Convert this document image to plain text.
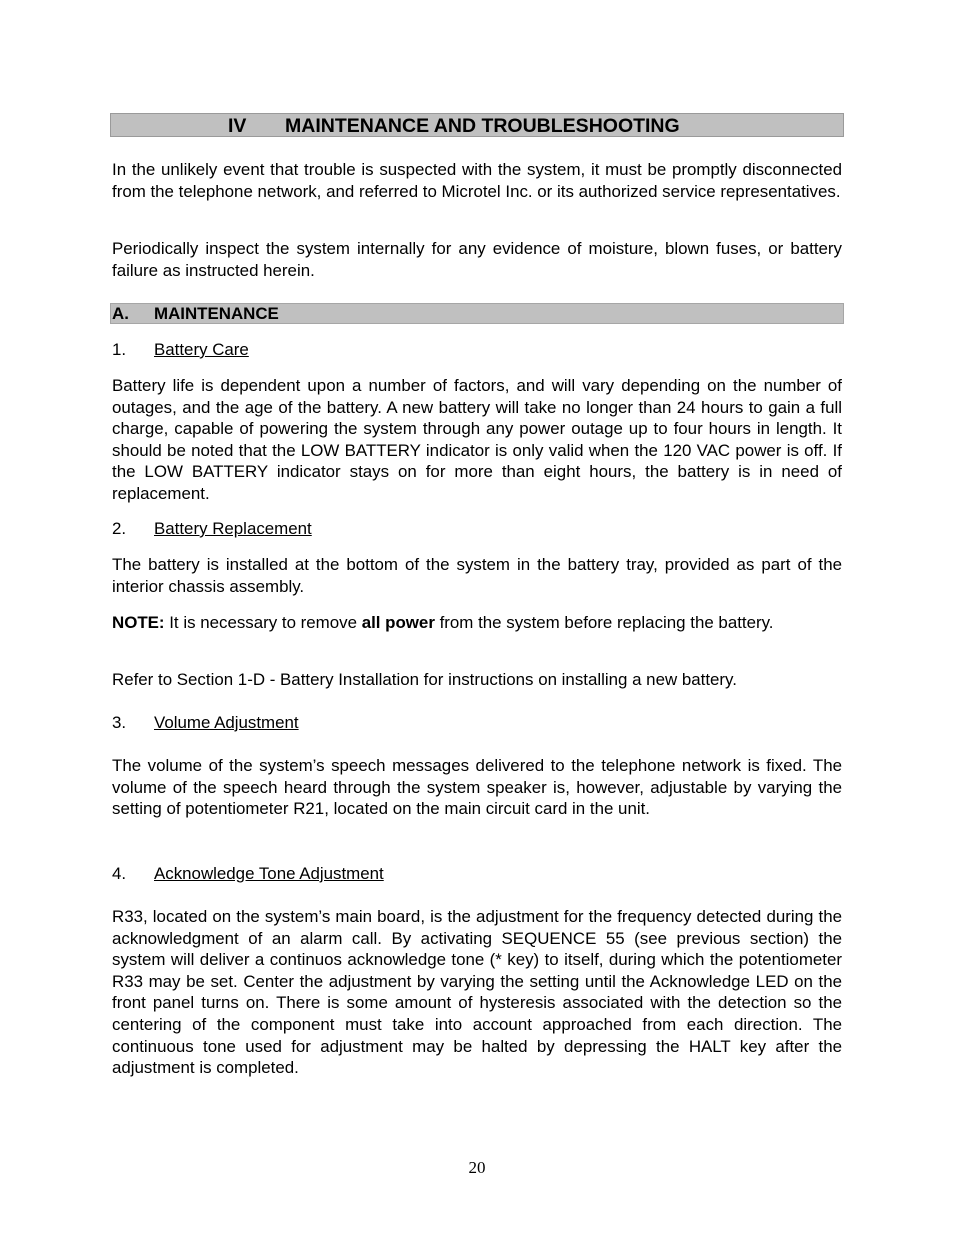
IV MAINTENANCE AND TROUBLESHOOTING

In the unlikely event that trouble is suspected with the system, it must be promptly disconnected from the telephone network, and referred to Microtel Inc. or its authorized service representatives.

Periodically inspect the system internally for any evidence of moisture, blown fuses, or battery failure as instructed herein.

A. MAINTENANCE
1. Battery Care

Battery life is dependent upon a number of factors, and will vary depending on the number of outages, and the age of the battery. A new battery will take no longer than 24 hours to gain a full charge, capable of powering the system through any power outage up to four hours in length. It should be noted that the LOW BATTERY indicator is only valid when the 120 VAC power is off. If the LOW BATTERY indicator stays on for more than eight hours, the battery is in need of replacement.

2. Battery Replacement

The battery is installed at the bottom of the system in the battery tray, provided as part of the interior chassis assembly.

NOTE: It is necessary to remove all power from the system before replacing the battery.

Refer to Section 1-D - Battery Installation for instructions on installing a new battery.

3. Volume Adjustment

The volume of the system’s speech messages delivered to the telephone network is fixed. The volume of the speech heard through the system speaker is, however, adjustable by varying the setting of potentiometer R21, located on the main circuit card in the unit.

4. Acknowledge Tone Adjustment

R33, located on the system’s main board, is the adjustment for the frequency detected during the acknowledgment of an alarm call. By activating SEQUENCE 55 (see previous section) the system will deliver a continuos acknowledge tone (* key) to itself, during which the potentiometer R33 may be set. Center the adjustment by varying the setting until the Acknowledge LED on the front panel turns on. There is some amount of hysteresis associated with the detection so the centering of the component must take into account approached from each direction. The continuous tone used for adjustment may be halted by depressing the HALT key after the adjustment is completed.

20
